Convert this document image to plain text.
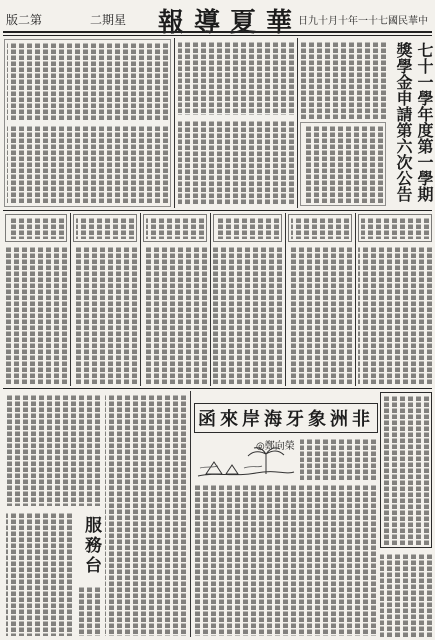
第二版	星期二 華夏導報
中華民國七十一年十月十九日
七十一學年度第一學期
獎學金申請第六次公告
非洲象牙海岸來函
◎鄭向榮
服務台
